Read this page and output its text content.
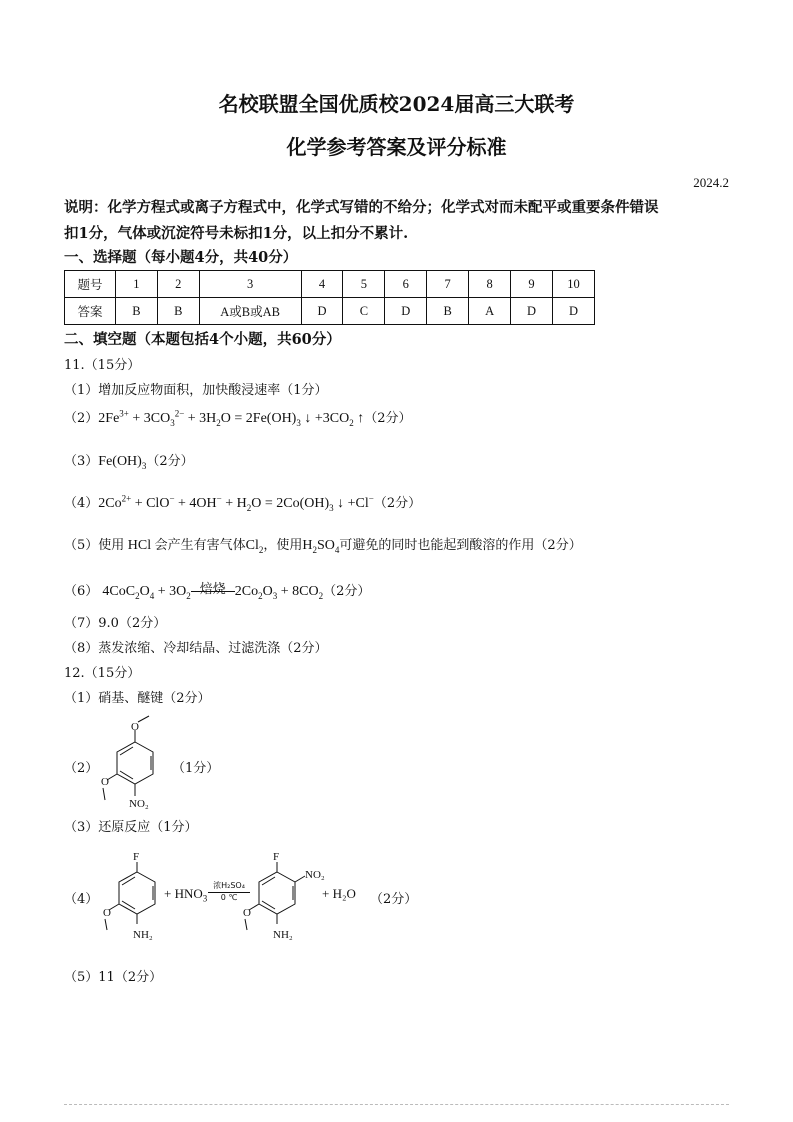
名校联盟全国优质校2024届高三大联考
化学参考答案及评分标准
2024.2
说明：化学方程式或离子方程式中，化学式写错的不给分；化学式对而未配平或重要条件错误
扣1分，气体或沉淀符号未标扣1分，以上扣分不累计.
一、选择题（每小题4分，共40分）
题号	1	2	3	4	5	6	7	8	9	10
答案	B	B	A或B或AB	D	C	D	B	A	D	D
二、填空题（本题包括4个小题，共60分）
11.（15分）
（1）增加反应物面积，加快酸浸速率（1分）
$(2)2Fe^{3+} + 3CO_3^{2-} + 3H_2O = 2Fe(OH)_3$ ↓ $+3CO_2$ ↑（2分）
$(3)Fe(OH)_3(2$分）
$(4)2Co^{2+} + ClO^- + 4OH^- + H_2O = 2Co(OH)_3$ ↓ +Cl−（2分）
（5）使用 HCl 会产生有害气体$Cl_2$，使用$H_2SO_4$可避免的同时也能起到酸溶的作用（2分）
（6） $4CoC_2O_4 + 3O_2$ 焙烧 $2Co_2O_3 + 8CO_2(2$分）
（7）9.0（2分）
（8）蒸发浓缩、冷却结晶、过滤洗涤（2分）
12.（15分）
（1）硝基、醚键（2分）
（2）
O
O
NO₂
（1分）
（3）还原反应（1分）
（4）
F
O
NH₂
+ $HNO_3$
浓H₂SO₄
0 ℃
F
NO₂
O
NH₂
+ H₂O （2分）
（5）11（2分）
